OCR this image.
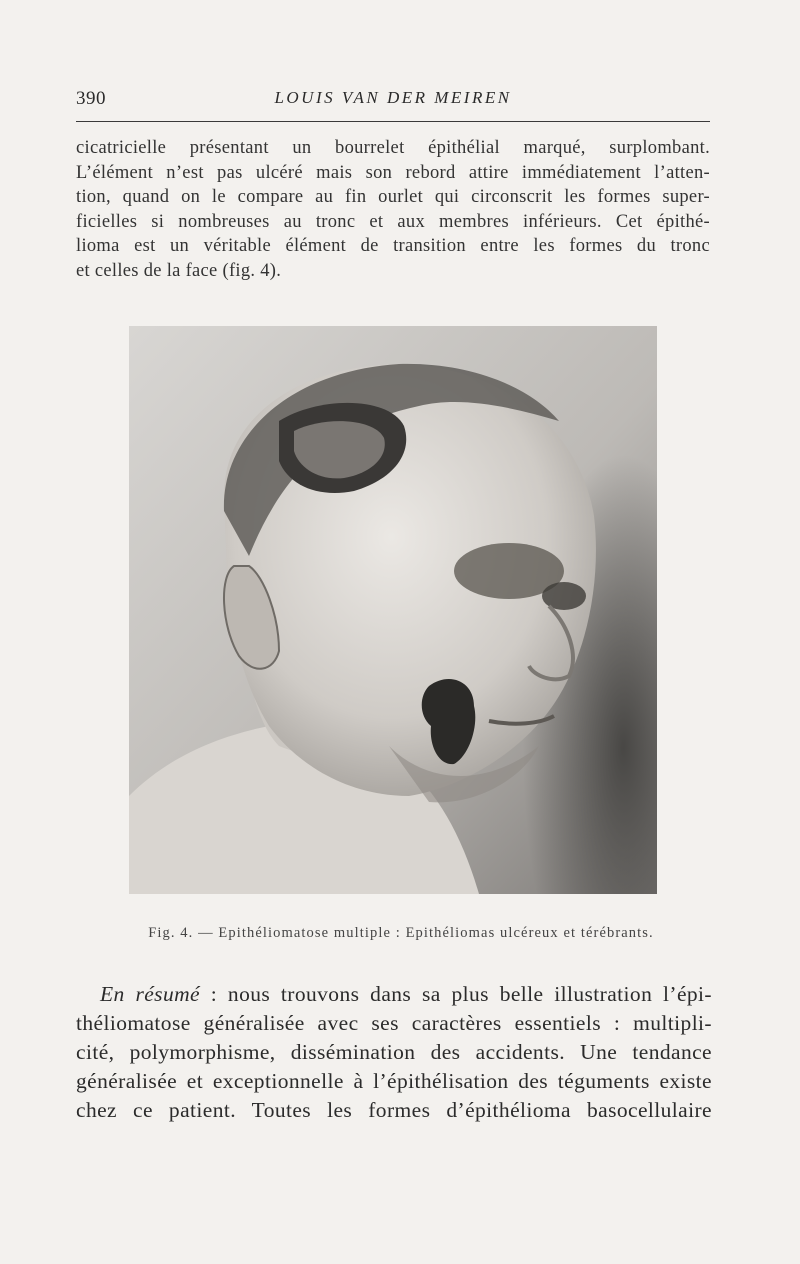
390	LOUIS VAN DER MEIREN

cicatricielle présentant un bourrelet épithélial marqué, surplombant.
L’élément n’est pas ulcéré mais son rebord attire immédiatement l’atten-
tion, quand on le compare au fin ourlet qui circonscrit les formes super-
ficielles si nombreuses au tronc et aux membres inférieurs. Cet épithé-
lioma est un véritable élément de transition entre les formes du tronc
et celles de la face (fig. 4).

Fig. 4. — Epithéliomatose multiple : Epithéliomas ulcéreux et térébrants.

En résumé : nous trouvons dans sa plus belle illustration l’épi-
théliomatose généralisée avec ses caractères essentiels : multipli-
cité, polymorphisme, dissémination des accidents. Une tendance
généralisée et exceptionnelle à l’épithélisation des téguments existe
chez ce patient. Toutes les formes d’épithélioma basocellulaire
